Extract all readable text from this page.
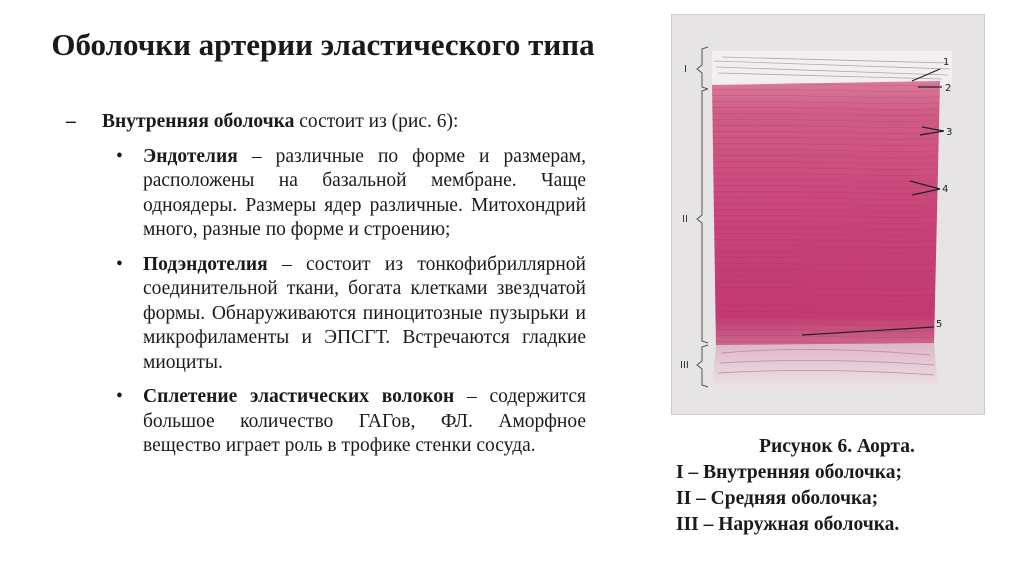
Оболочки артерии эластического типа
– Внутренняя оболочка состоит из (рис. 6):
• Эндотелия – различные по форме и размерам, расположены на базальной мембране. Чаще одноядеры. Размеры ядер различные. Митохондрий много, разные по форме и строению;
• Подэндотелия – состоит из тонкофибриллярной соединительной ткани, богата клетками звездчатой формы. Обнаруживаются пиноцитозные пузырьки и микрофиламенты и ЭПСГТ. Встречаются гладкие миоциты.
• Сплетение эластических волокон – содержится большое количество ГАГов, ФЛ. Аморфное вещество играет роль в трофике стенки сосуда.
I
II
III
1
2
3
4
5
Рисунок 6. Аорта.
I – Внутренняя оболочка;
II – Средняя оболочка;
III – Наружная оболочка.
